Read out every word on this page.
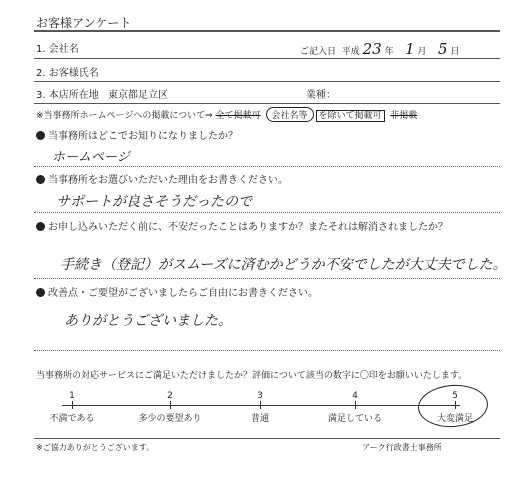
お客様アンケート
1. 会社名	ご記入日 平成 23 年 1 月 5 日
2. お客様氏名
3. 本店所在地 東京都足立区	業種：
※当事務所ホームページへの掲載について⇒ 全て掲載可 会社名等 を除いて掲載可 非掲載
当事務所はどこでお知りになりましたか？
ホームページ
当事務所をお選びいただいた理由をお書きください。
サポートが良さそうだったので
お申し込みいただく前に、不安だったことはありますか？またそれは解消されましたか？
手続き（登記）がスムーズに済むかどうか不安でしたが大丈夫でした。
改善点・ご要望がございましたらご自由にお書きください。
ありがとうございました。
当事務所の対応サービスにご満足いただけましたか？評価について該当の数字に〇印をお願いいたします。
1
不満である
2
多少の要望あり
3
普通
4
満足している
5
大変満足
※ご協力ありがとうございます。	アーク行政書士事務所
